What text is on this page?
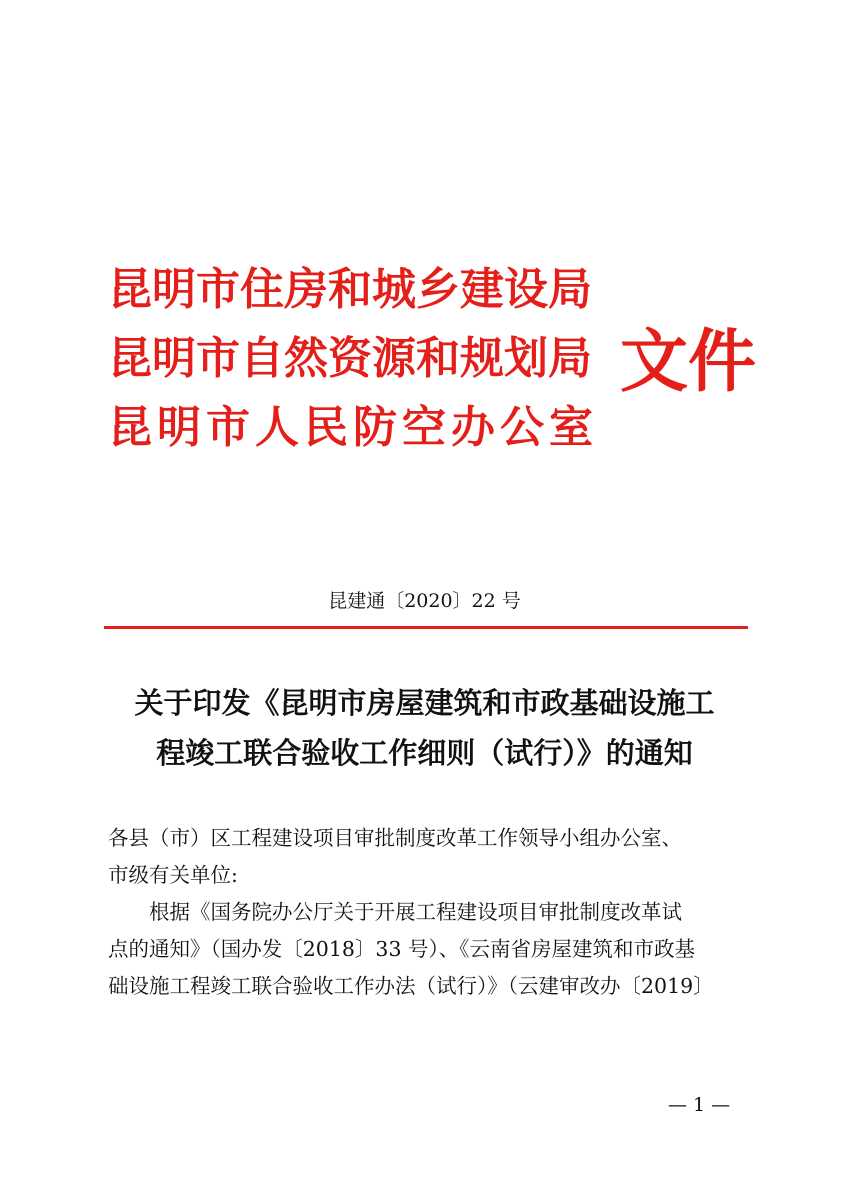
昆明市住房和城乡建设局
昆明市自然资源和规划局
昆明市人民防空办公室
文件
昆建通〔2020〕22 号
关于印发《昆明市房屋建筑和市政基础设施工
程竣工联合验收工作细则（试行）》的通知

各县（市）区工程建设项目审批制度改革工作领导小组办公室、

市级有关单位:

根据《国务院办公厅关于开展工程建设项目审批制度改革试

点的通知》（国办发〔2018〕33 号）、《云南省房屋建筑和市政基

础设施工程竣工联合验收工作办法（试行）》（云建审改办〔2019〕

— 1 —
